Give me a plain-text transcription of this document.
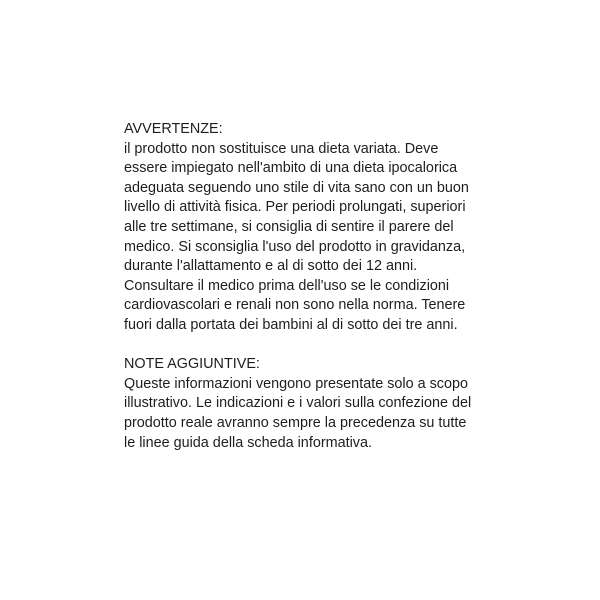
AVVERTENZE:

il prodotto non sostituisce una dieta variata. Deve

essere impiegato nell'ambito di una dieta ipocalorica

adeguata seguendo uno stile di vita sano con un buon

livello di attività fisica. Per periodi prolungati, superiori

alle tre settimane, si consiglia di sentire il parere del

medico. Si sconsiglia l'uso del prodotto in gravidanza,

durante l'allattamento e al di sotto dei 12 anni.

Consultare il medico prima dell'uso se le condizioni

cardiovascolari e renali non sono nella norma. Tenere

fuori dalla portata dei bambini al di sotto dei tre anni.

NOTE AGGIUNTIVE:

Queste informazioni vengono presentate solo a scopo

illustrativo. Le indicazioni e i valori sulla confezione del

prodotto reale avranno sempre la precedenza su tutte

le linee guida della scheda informativa.
